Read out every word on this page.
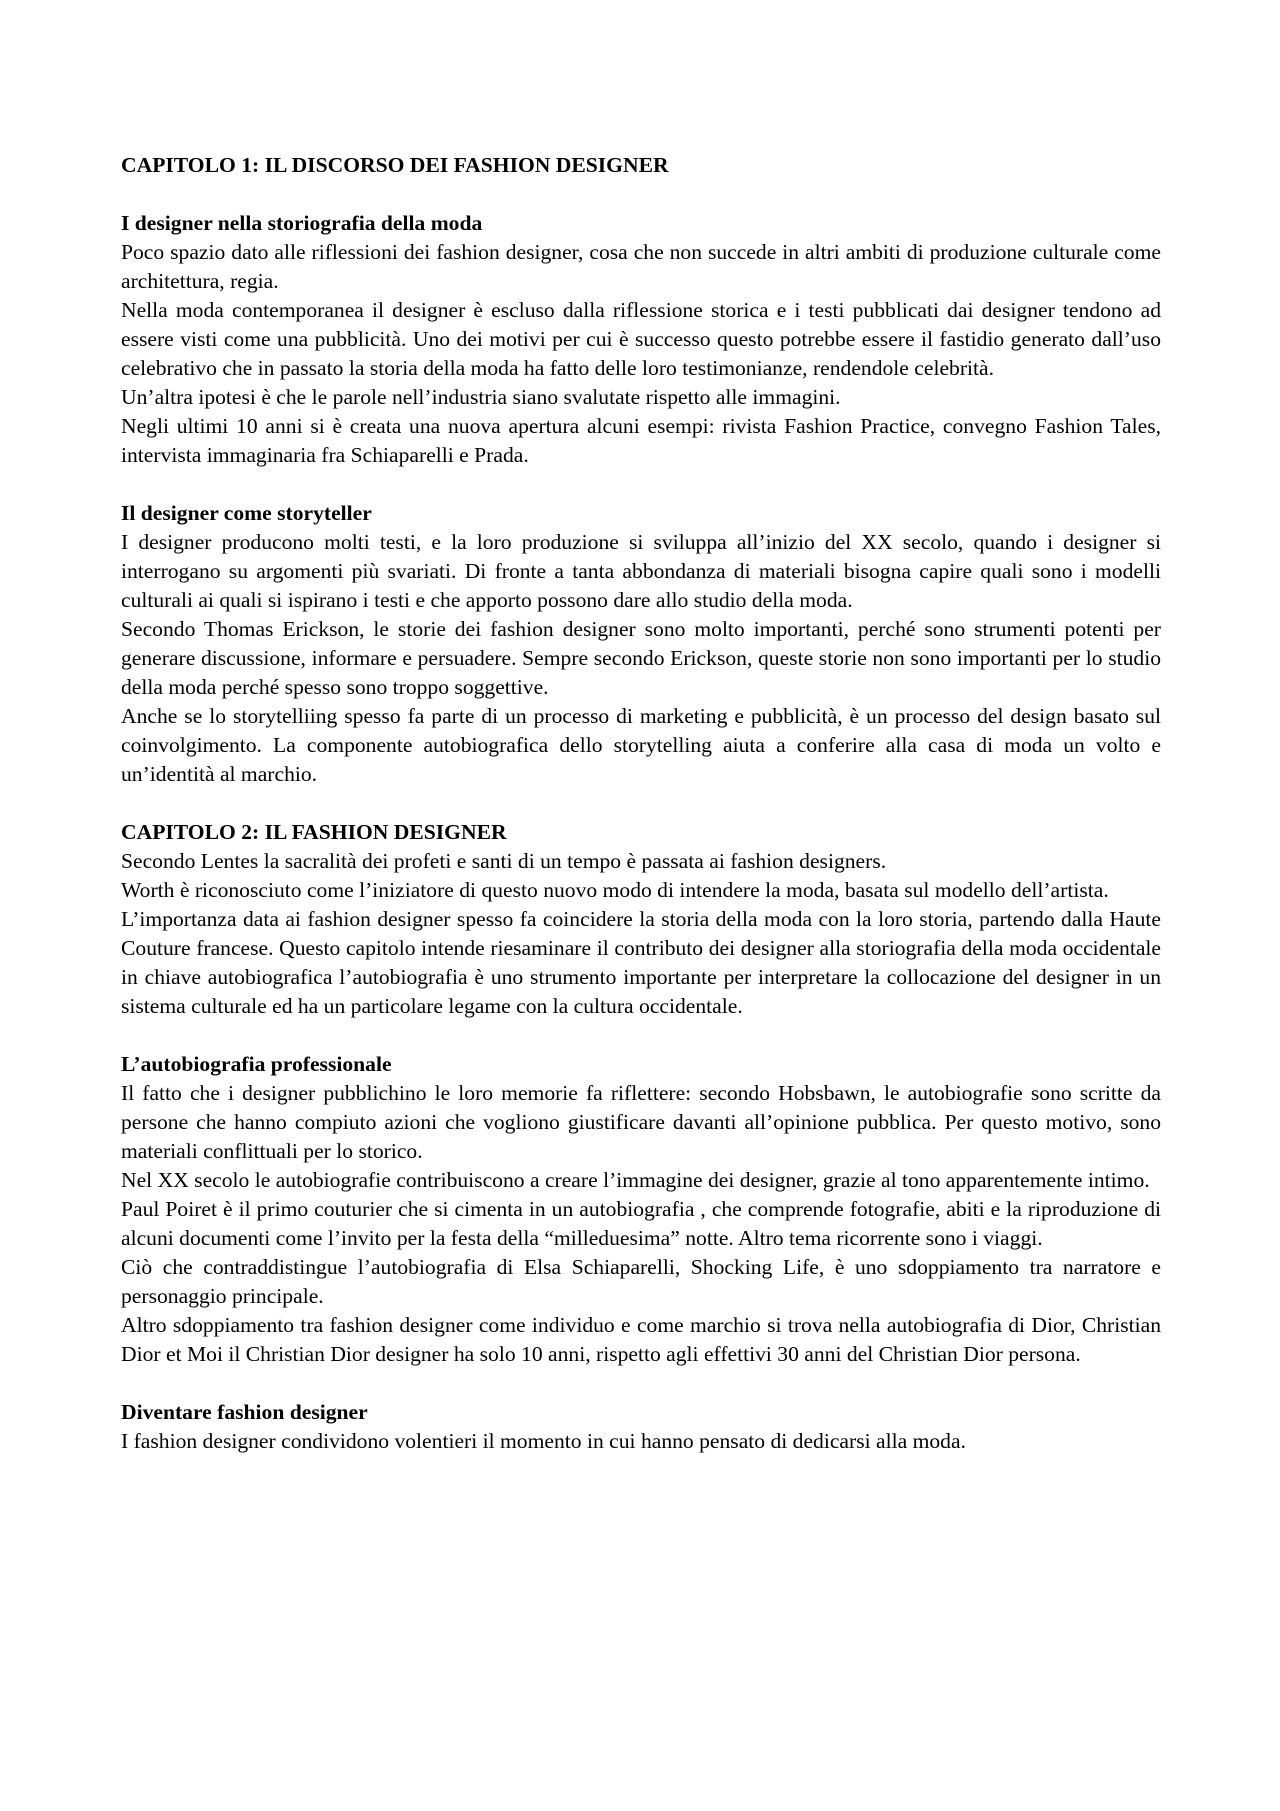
CAPITOLO 1: IL DISCORSO DEI FASHION DESIGNER

I designer nella storiografia della moda

Poco spazio dato alle riflessioni dei fashion designer, cosa che non succede in altri ambiti di produzione culturale come architettura, regia.

Nella moda contemporanea il designer è escluso dalla riflessione storica e i testi pubblicati dai designer tendono ad essere visti come una pubblicità. Uno dei motivi per cui è successo questo potrebbe essere il fastidio generato dall’uso celebrativo che in passato la storia della moda ha fatto delle loro testimonianze, rendendole celebrità.

Un’altra ipotesi è che le parole nell’industria siano svalutate rispetto alle immagini.

Negli ultimi 10 anni si è creata una nuova apertura alcuni esempi: rivista Fashion Practice, convegno Fashion Tales, intervista immaginaria fra Schiaparelli e Prada.

Il designer come storyteller

I designer producono molti testi, e la loro produzione si sviluppa all’inizio del XX secolo, quando i designer si interrogano su argomenti più svariati. Di fronte a tanta abbondanza di materiali bisogna capire quali sono i modelli culturali ai quali si ispirano i testi e che apporto possono dare allo studio della moda.

Secondo Thomas Erickson, le storie dei fashion designer sono molto importanti, perché sono strumenti potenti per generare discussione, informare e persuadere. Sempre secondo Erickson, queste storie non sono importanti per lo studio della moda perché spesso sono troppo soggettive.

Anche se lo storytelliing spesso fa parte di un processo di marketing e pubblicità, è un processo del design basato sul coinvolgimento. La componente autobiografica dello storytelling aiuta a conferire alla casa di moda un volto e un’identità al marchio.

CAPITOLO 2: IL FASHION DESIGNER

Secondo Lentes la sacralità dei profeti e santi di un tempo è passata ai fashion designers.

Worth è riconosciuto come l’iniziatore di questo nuovo modo di intendere la moda, basata sul modello dell’artista.

L’importanza data ai fashion designer spesso fa coincidere la storia della moda con la loro storia, partendo dalla Haute Couture francese. Questo capitolo intende riesaminare il contributo dei designer alla storiografia della moda occidentale in chiave autobiografica l’autobiografia è uno strumento importante per interpretare la collocazione del designer in un sistema culturale ed ha un particolare legame con la cultura occidentale.

L’autobiografia professionale

Il fatto che i designer pubblichino le loro memorie fa riflettere: secondo Hobsbawn, le autobiografie sono scritte da persone che hanno compiuto azioni che vogliono giustificare davanti all’opinione pubblica. Per questo motivo, sono materiali conflittuali per lo storico.

Nel XX secolo le autobiografie contribuiscono a creare l’immagine dei designer, grazie al tono apparentemente intimo.

Paul Poiret è il primo couturier che si cimenta in un autobiografia , che comprende fotografie, abiti e la riproduzione di alcuni documenti come l’invito per la festa della “milleduesima” notte. Altro tema ricorrente sono i viaggi.

Ciò che contraddistingue l’autobiografia di Elsa Schiaparelli, Shocking Life, è uno sdoppiamento tra narratore e personaggio principale.

Altro sdoppiamento tra fashion designer come individuo e come marchio si trova nella autobiografia di Dior, Christian Dior et Moi il Christian Dior designer ha solo 10 anni, rispetto agli effettivi 30 anni del Christian Dior persona.

Diventare fashion designer

I fashion designer condividono volentieri il momento in cui hanno pensato di dedicarsi alla moda.
